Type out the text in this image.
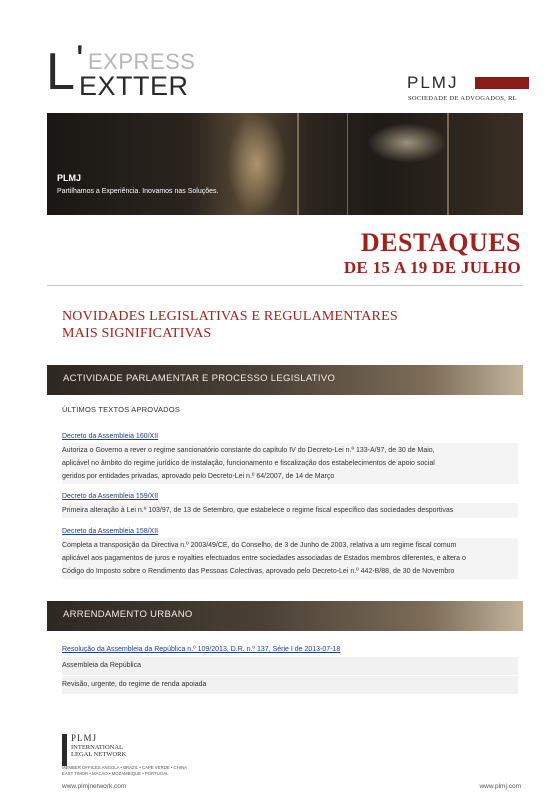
L ' EXPRESS
EXTTER	PLMJ
SOCIEDADE DE ADVOGADOS, RL
PLMJ
Partilhamos a Experiência. Inovamos nas Soluções.
DESTAQUES
DE 15 A 19 DE JULHO
NOVIDADES LEGISLATIVAS E REGULAMENTARES
MAIS SIGNIFICATIVAS
ACTIVIDADE PARLAMENTAR E PROCESSO LEGISLATIVO
ÚLTIMOS TEXTOS APROVADOS
Decreto da Assembleia 160/XII
Autoriza o Governo a rever o regime sancionatório constante do capítulo IV do Decreto-Lei n.º 133-A/97, de 30 de Maio,
aplicável no âmbito do regime jurídico de instalação, funcionamento e fiscalização dos estabelecimentos de apoio social
geridos por entidades privadas, aprovado pelo Decreto-Lei n.º 64/2007, de 14 de Março
Decreto da Assembleia 159/XII
Primeira alteração à Lei n.º 103/97, de 13 de Setembro, que estabelece o regime fiscal específico das sociedades desportivas
Decreto da Assembleia 158/XII
Completa a transposição da Directiva n.º 2003/49/CE, do Conselho, de 3 de Junho de 2003, relativa a um regime fiscal comum
aplicável aos pagamentos de juros e royalties efectuados entre sociedades associadas de Estados membros diferentes, e altera o
Código do Imposto sobre o Rendimento das Pessoas Colectivas, aprovado pelo Decreto-Lei n.º 442-B/88, de 30 de Novembro
ARRENDAMENTO URBANO
Resolução da Assembleia da República n.º 109/2013, D.R. n.º 137, Série I de 2013-07-18
Assembleia da República
Revisão, urgente, do regime de renda apoiada
PLMJ
INTERNATIONAL
LEGAL NETWORK
MEMBER OFFICES ANGOLA • BRAZIL • CAPE VERDE • CHINA
EAST TIMOR • MACAO • MOZAMBIQUE • PORTUGAL
www.plmjnetwork.com	www.plmj.com
